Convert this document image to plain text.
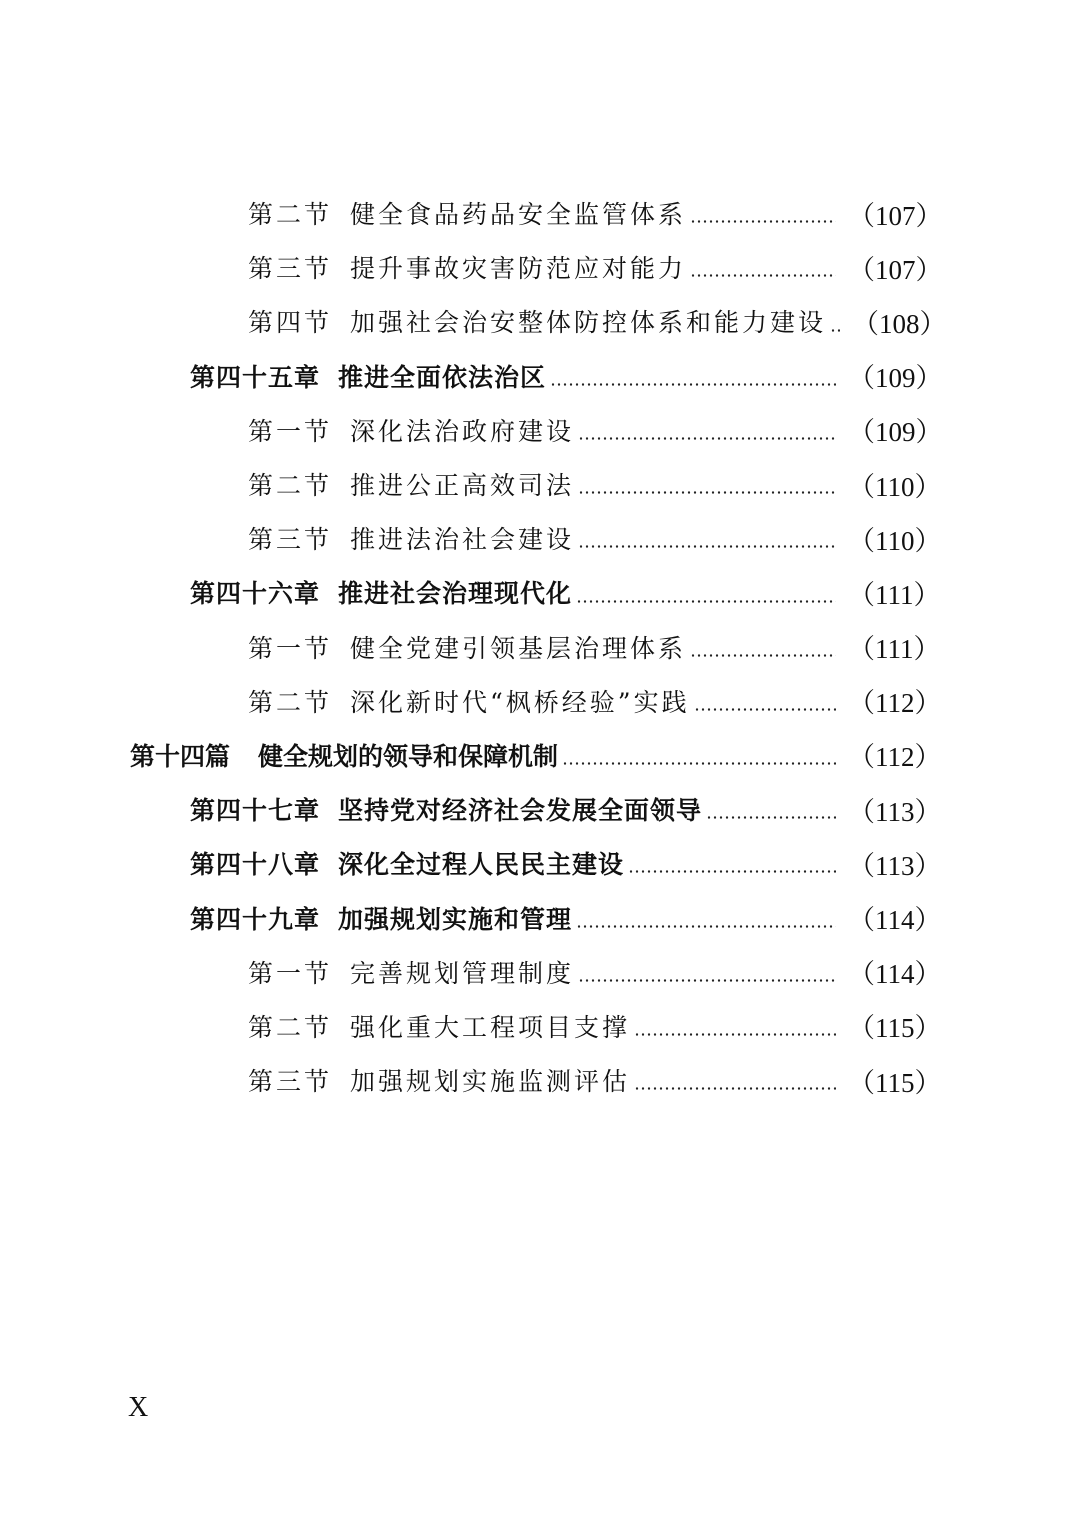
第二节 健全食品药品安全监管体系	（107）
第三节 提升事故灾害防范应对能力	（107）
第四节 加强社会治安整体防控体系和能力建设 （108）
第四十五章 推进全面依法治区	（109）
第一节 深化法治政府建设	（109）
第二节 推进公正高效司法	（110）
第三节 推进法治社会建设	（110）
第四十六章 推进社会治理现代化	（111）
第一节 健全党建引领基层治理体系	（111）
第二节 深化新时代“枫桥经验”实践	（112）
第十四篇 健全规划的领导和保障机制	（112）
第四十七章 坚持党对经济社会发展全面领导	（113）
第四十八章 深化全过程人民民主建设	（113）
第四十九章 加强规划实施和管理	（114）
第一节 完善规划管理制度	（114）
第二节 强化重大工程项目支撑	（115）
第三节 加强规划实施监测评估	（115）
X
